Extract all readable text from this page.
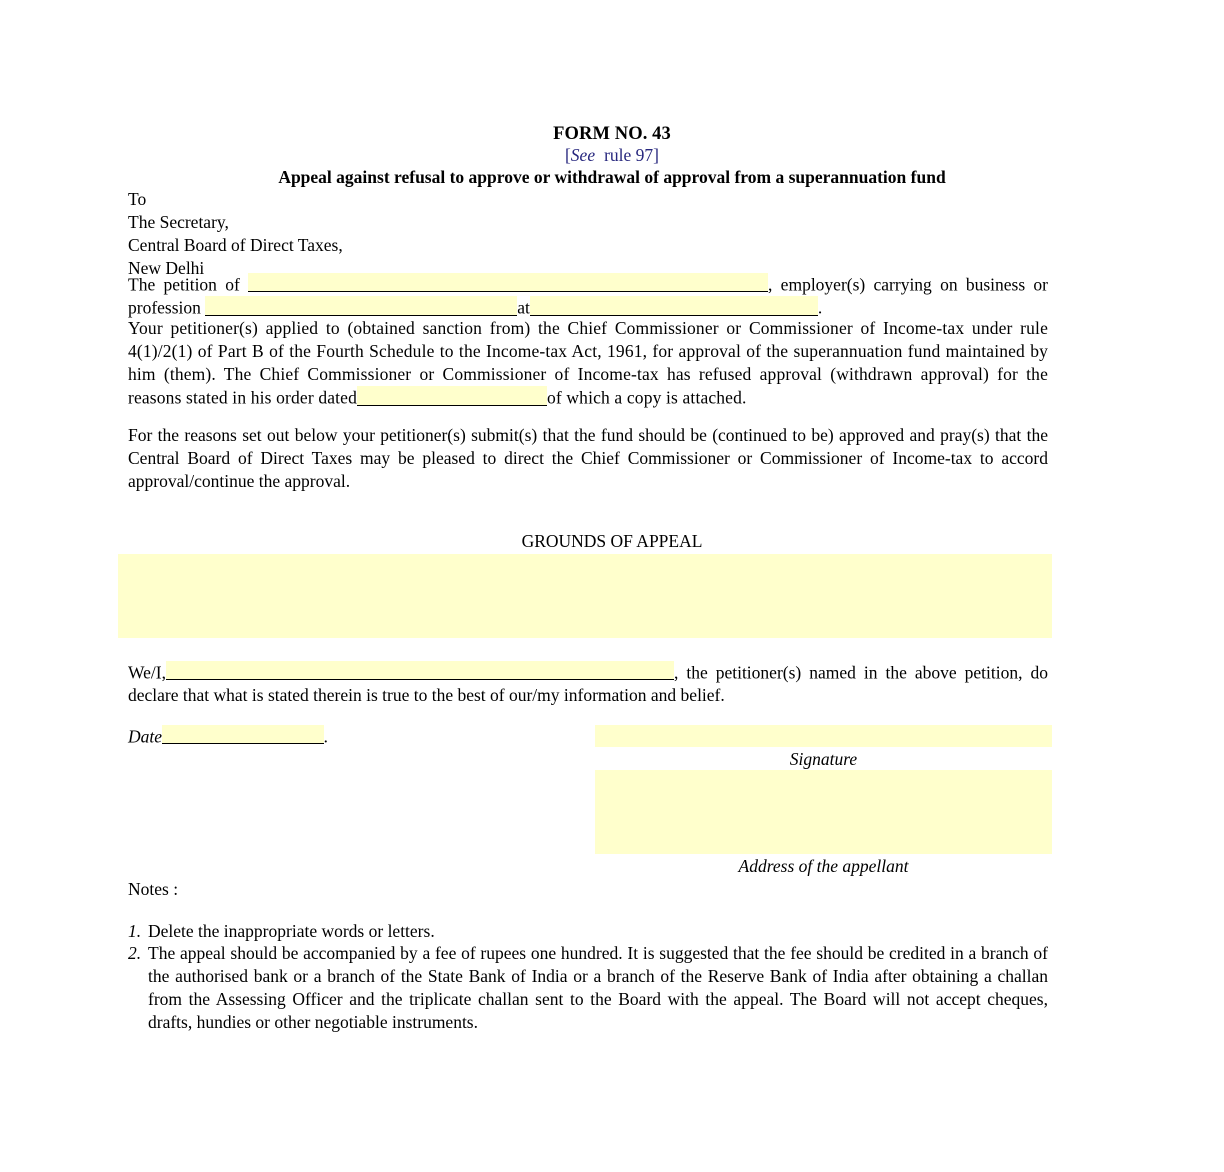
FORM NO. 43
[See rule 97]
Appeal against refusal to approve or withdrawal of approval from a superannuation fund
To
The Secretary,
Central Board of Direct Taxes,
New Delhi
The petition of	, employer(s) carrying on business or profession	at	.
Your petitioner(s) applied to (obtained sanction from) the Chief Commissioner or Commissioner of Income-tax under rule 4(1)/2(1) of Part B of the Fourth Schedule to the Income-tax Act, 1961, for approval of the superannuation fund maintained by him (them). The Chief Commissioner or Commissioner of Income-tax has refused approval (withdrawn approval) for the reasons stated in his order dated	of which a copy is attached.
For the reasons set out below your petitioner(s) submit(s) that the fund should be (continued to be) approved and pray(s) that the Central Board of Direct Taxes may be pleased to direct the Chief Commissioner or Commissioner of Income-tax to accord approval/continue the approval.
GROUNDS OF APPEAL
We/I,	, the petitioner(s) named in the above petition, do declare that what is stated therein is true to the best of our/my information and belief.
Date	.
Signature
Address of the appellant
Notes :
1. Delete the inappropriate words or letters.
2. The appeal should be accompanied by a fee of rupees one hundred. It is suggested that the fee should be credited in a branch of the authorised bank or a branch of the State Bank of India or a branch of the Reserve Bank of India after obtaining a challan from the Assessing Officer and the triplicate challan sent to the Board with the appeal. The Board will not accept cheques, drafts, hundies or other negotiable instruments.
